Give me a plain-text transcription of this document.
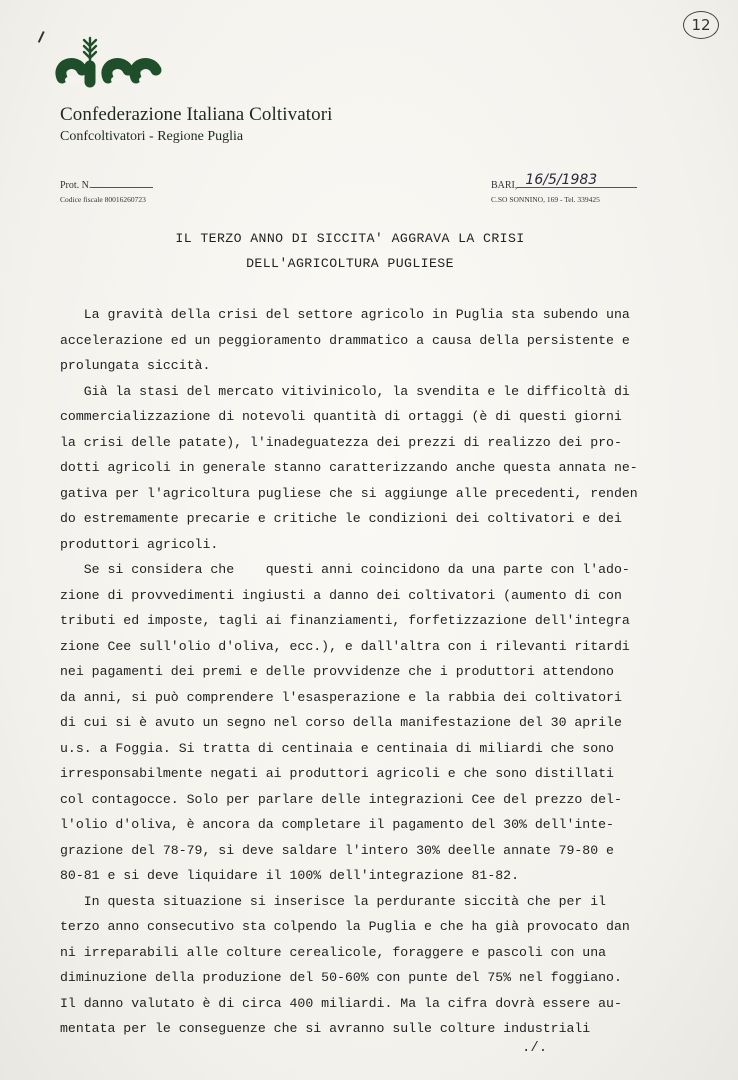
Confederazione Italiana Coltivatori
Confcoltivatori - Regione Puglia
Prot. N.
Codice fiscale 80016260723
BARI, 16/5/1983
C.SO SONNINO, 169 - Tel. 339425
12
IL TERZO ANNO DI SICCITA' AGGRAVA LA CRISI
DELL'AGRICOLTURA PUGLIESE
La gravità della crisi del settore agricolo in Puglia sta subendo una
accelerazione ed un peggioramento drammatico a causa della persistente e
prolungata siccità.
Già la stasi del mercato vitivinicolo, la svendita e le difficoltà di
commercializzazione di notevoli quantità di ortaggi (è di questi giorni
la crisi delle patate), l'inadeguatezza dei prezzi di realizzo dei pro-
dotti agricoli in generale stanno caratterizzando anche questa annata ne-
gativa per l'agricoltura pugliese che si aggiunge alle precedenti, renden
do estremamente precarie e critiche le condizioni dei coltivatori e dei
produttori agricoli.
Se si considera che    questi anni coincidono da una parte con l'ado-
zione di provvedimenti ingiusti a danno dei coltivatori (aumento di con
tributi ed imposte, tagli ai finanziamenti, forfetizzazione dell'integra
zione Cee sull'olio d'oliva, ecc.), e dall'altra con i rilevanti ritardi
nei pagamenti dei premi e delle provvidenze che i produttori attendono
da anni, si può comprendere l'esasperazione e la rabbia dei coltivatori
di cui si è avuto un segno nel corso della manifestazione del 30 aprile
u.s. a Foggia. Si tratta di centinaia e centinaia di miliardi che sono
irresponsabilmente negati ai produttori agricoli e che sono distillati
col contagocce. Solo per parlare delle integrazioni Cee del prezzo del-
l'olio d'oliva, è ancora da completare il pagamento del 30% dell'inte-
grazione del 78-79, si deve saldare l'intero 30% deelle annate 79-80 e
80-81 e si deve liquidare il 100% dell'integrazione 81-82.
In questa situazione si inserisce la perdurante siccità che per il
terzo anno consecutivo sta colpendo la Puglia e che ha già provocato dan
ni irreparabili alle colture cerealicole, foraggere e pascoli con una
diminuzione della produzione del 50-60% con punte del 75% nel foggiano.
Il danno valutato è di circa 400 miliardi. Ma la cifra dovrà essere au-
mentata per le conseguenze che si avranno sulle colture industriali
./.
